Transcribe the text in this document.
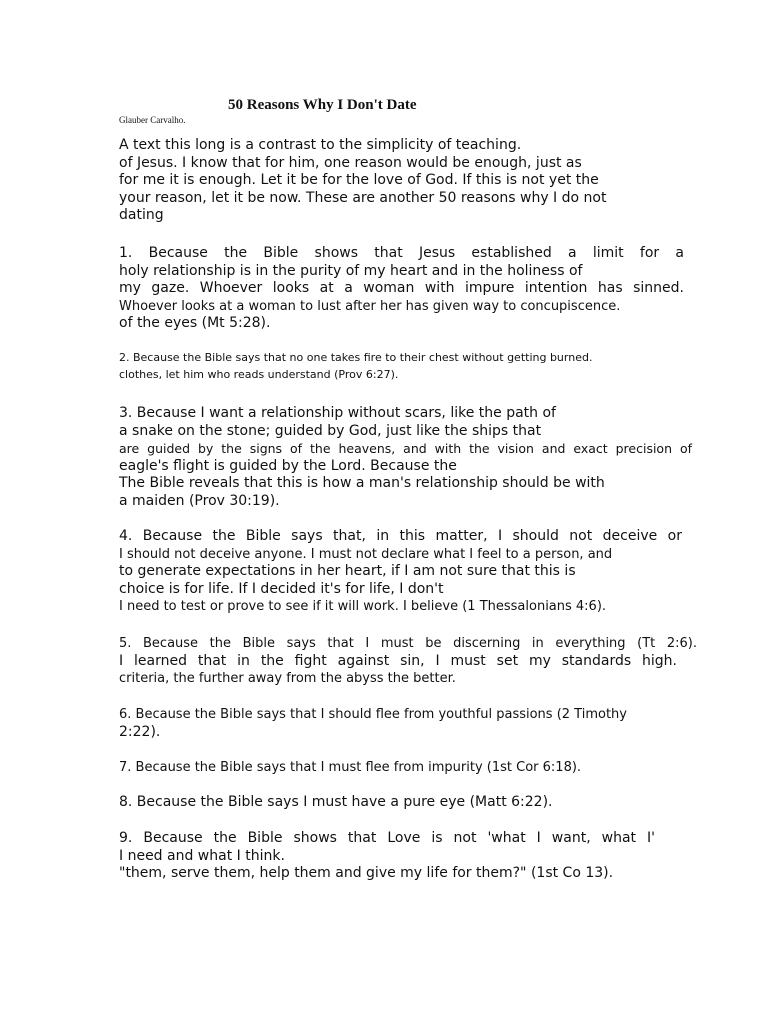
50 Reasons Why I Don't Date
Glauber Carvalho.
A text this long is a contrast to the simplicity of teaching.
of Jesus. I know that for him, one reason would be enough, just as
for me it is enough. Let it be for the love of God. If this is not yet the
your reason, let it be now. These are another 50 reasons why I do not
dating
1. Because the Bible shows that Jesus established a limit for a
holy relationship is in the purity of my heart and in the holiness of
my gaze. Whoever looks at a woman with impure intention has sinned.
Whoever looks at a woman to lust after her has given way to concupiscence.
of the eyes (Mt 5:28).
2. Because the Bible says that no one takes fire to their chest without getting burned.
clothes, let him who reads understand (Prov 6:27).
3. Because I want a relationship without scars, like the path of
a snake on the stone; guided by God, just like the ships that
are guided by the signs of the heavens, and with the vision and exact precision of
eagle's flight is guided by the Lord. Because the
The Bible reveals that this is how a man's relationship should be with
a maiden (Prov 30:19).
4. Because the Bible says that, in this matter, I should not deceive or
I should not deceive anyone. I must not declare what I feel to a person, and
to generate expectations in her heart, if I am not sure that this is
choice is for life. If I decided it's for life, I don't
I need to test or prove to see if it will work. I believe (1 Thessalonians 4:6).
5. Because the Bible says that I must be discerning in everything (Tt 2:6).
I learned that in the fight against sin, I must set my standards high.
criteria, the further away from the abyss the better.
6. Because the Bible says that I should flee from youthful passions (2 Timothy
2:22).
7. Because the Bible says that I must flee from impurity (1st Cor 6:18).
8. Because the Bible says I must have a pure eye (Matt 6:22).
9. Because the Bible shows that Love is not 'what I want, what I'
I need and what I think.
"them, serve them, help them and give my life for them?" (1st Co 13).
